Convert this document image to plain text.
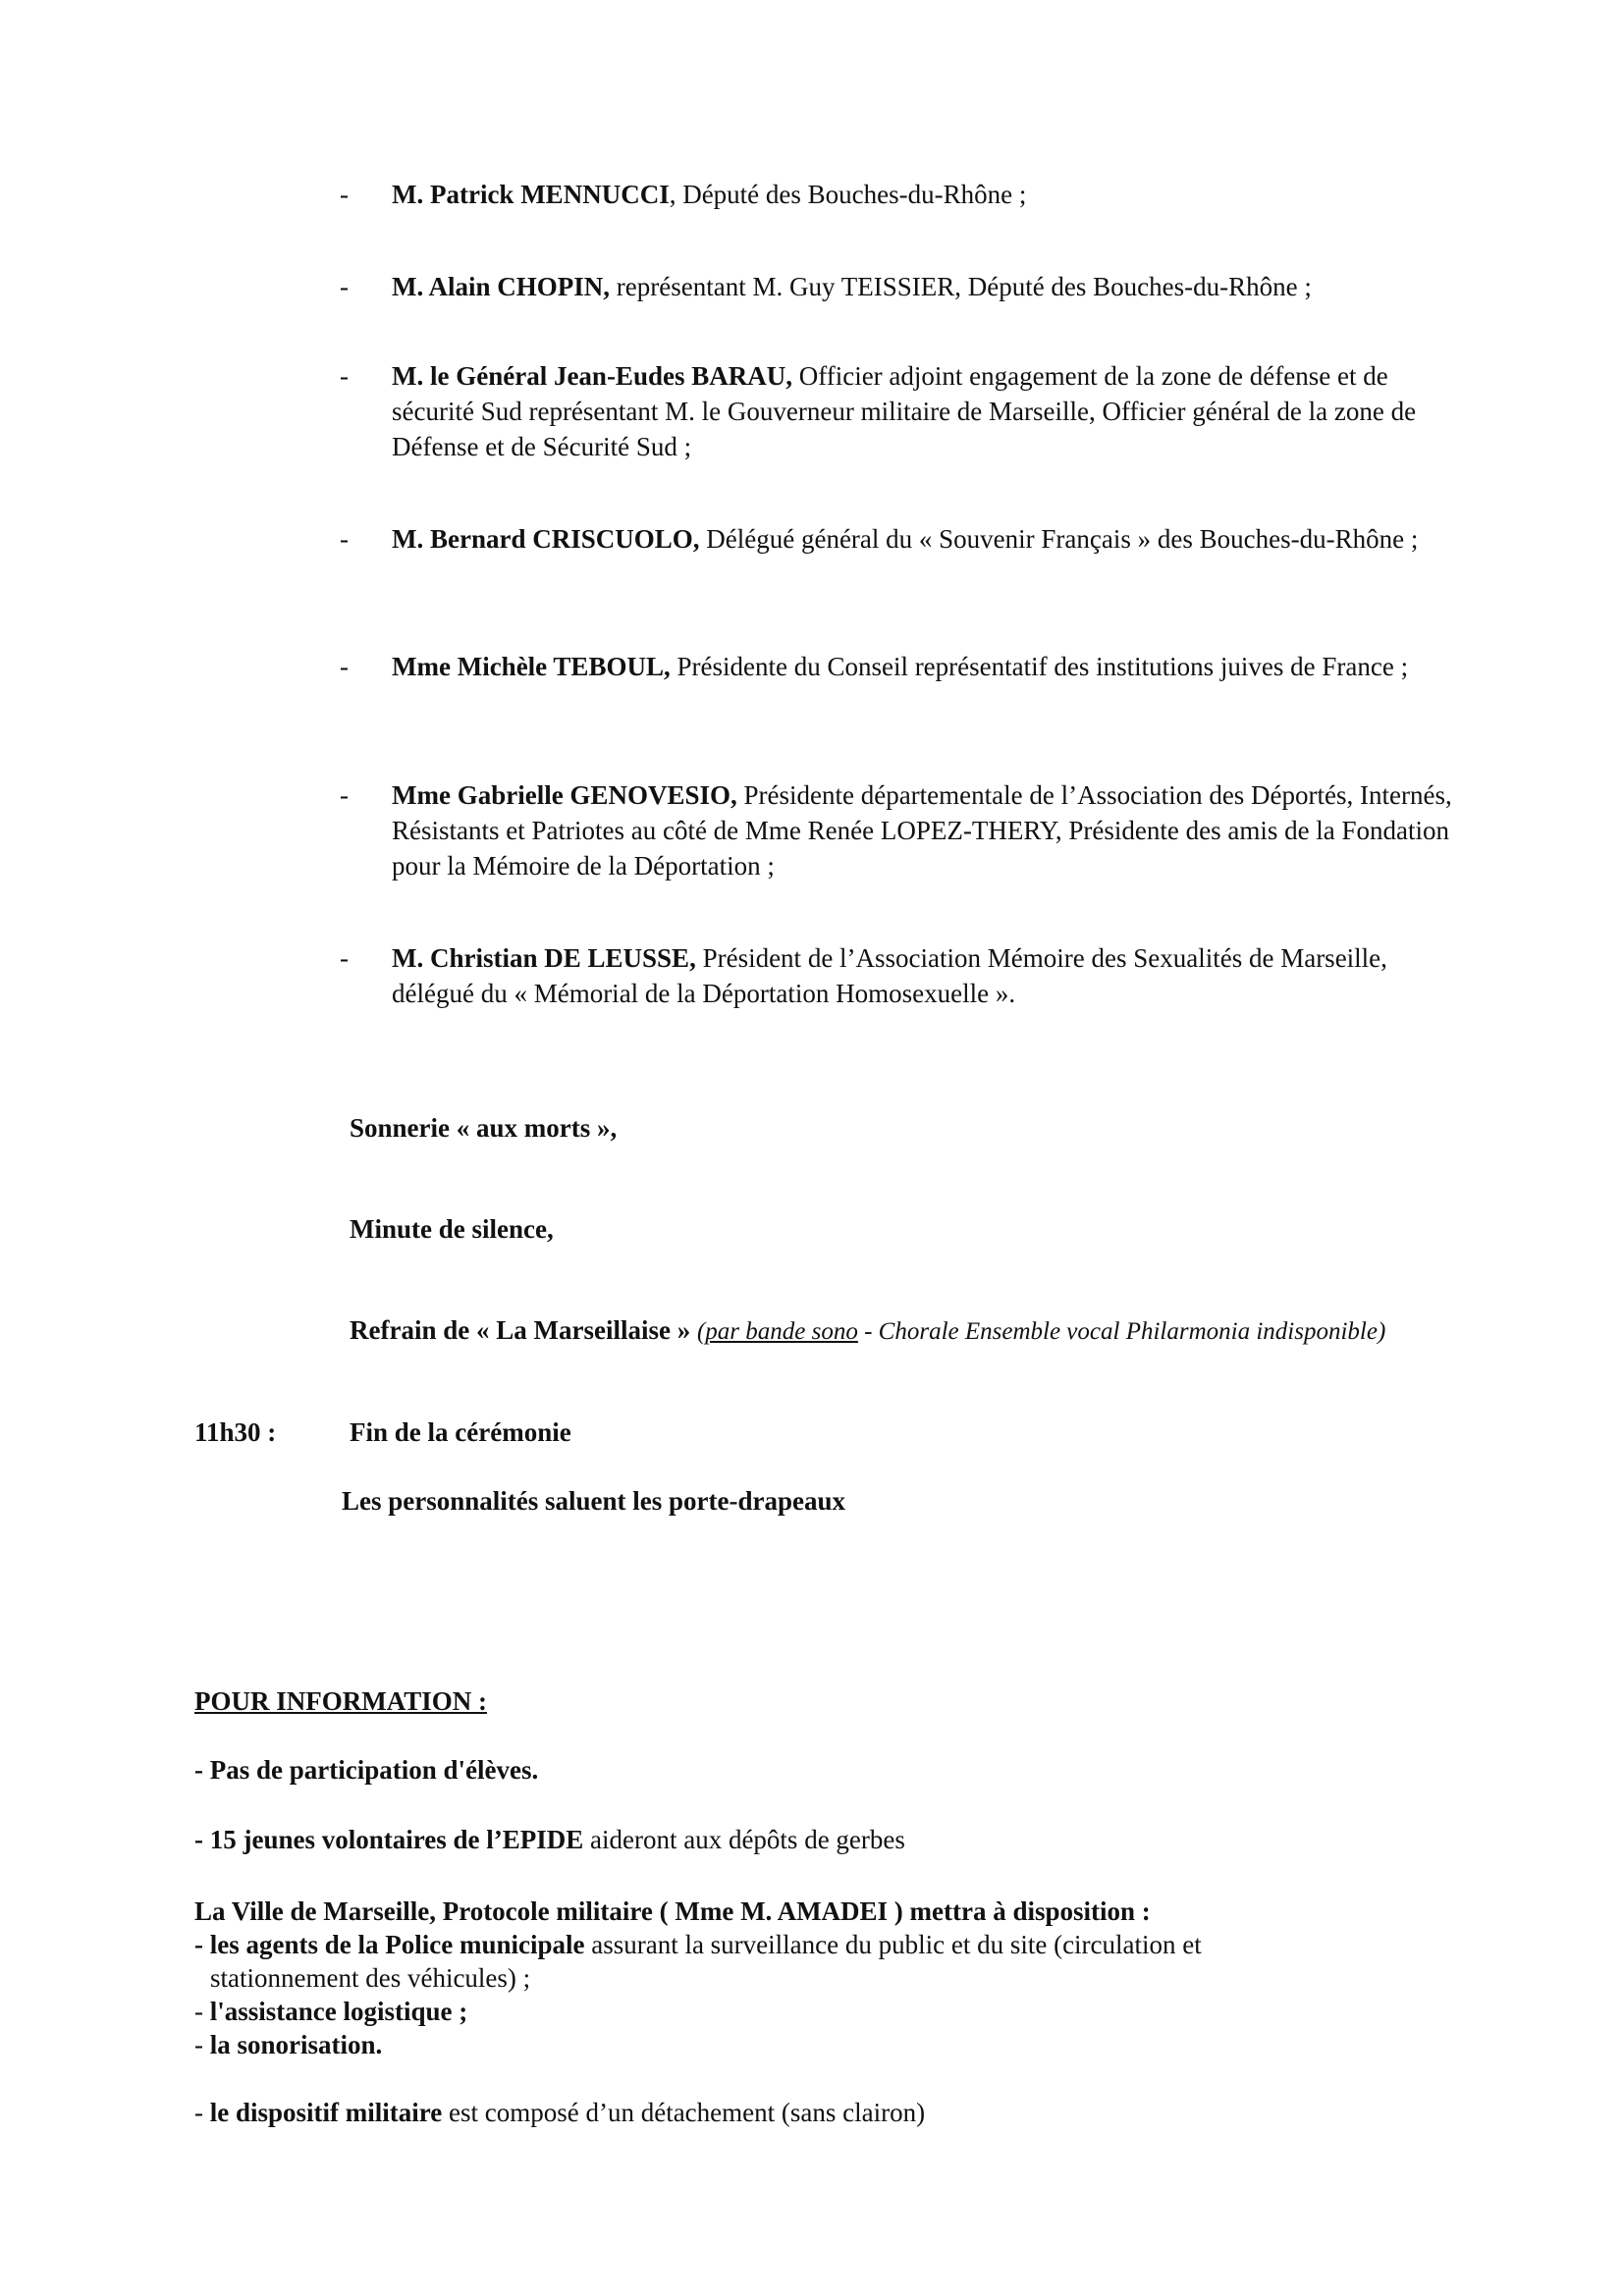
- M. Patrick MENNUCCI, Député des Bouches-du-Rhône ;
- M. Alain CHOPIN, représentant M. Guy TEISSIER, Député des Bouches-du-Rhône ;
- M. le Général Jean-Eudes BARAU, Officier adjoint engagement de la zone de défense et de sécurité Sud représentant M. le Gouverneur militaire de Marseille, Officier général de la zone de Défense et de Sécurité Sud ;
- M. Bernard CRISCUOLO, Délégué général du « Souvenir Français » des Bouches-du-Rhône ;
- Mme Michèle TEBOUL, Présidente du Conseil représentatif des institutions juives de France ;
- Mme Gabrielle GENOVESIO, Présidente départementale de l’Association des Déportés, Internés, Résistants et Patriotes au côté de Mme Renée LOPEZ-THERY, Présidente des amis de la Fondation pour la Mémoire de la Déportation ;
- M. Christian DE LEUSSE, Président de l’Association Mémoire des Sexualités de Marseille, délégué du « Mémorial de la Déportation Homosexuelle ».
Sonnerie « aux morts »,
Minute de silence,
Refrain de « La Marseillaise » (par bande sono - Chorale Ensemble vocal Philarmonia indisponible)
11h30 :	Fin de la cérémonie
Les personnalités saluent les porte-drapeaux
POUR INFORMATION :
- Pas de participation d'élèves.
- 15 jeunes volontaires de l’EPIDE aideront aux dépôts de gerbes
La Ville de Marseille, Protocole militaire ( Mme M. AMADEI ) mettra à disposition :
- les agents de la Police municipale assurant la surveillance du public et du site (circulation et
stationnement des véhicules) ;
- l'assistance logistique ;
- la sonorisation.
- le dispositif militaire est composé d’un détachement (sans clairon)
